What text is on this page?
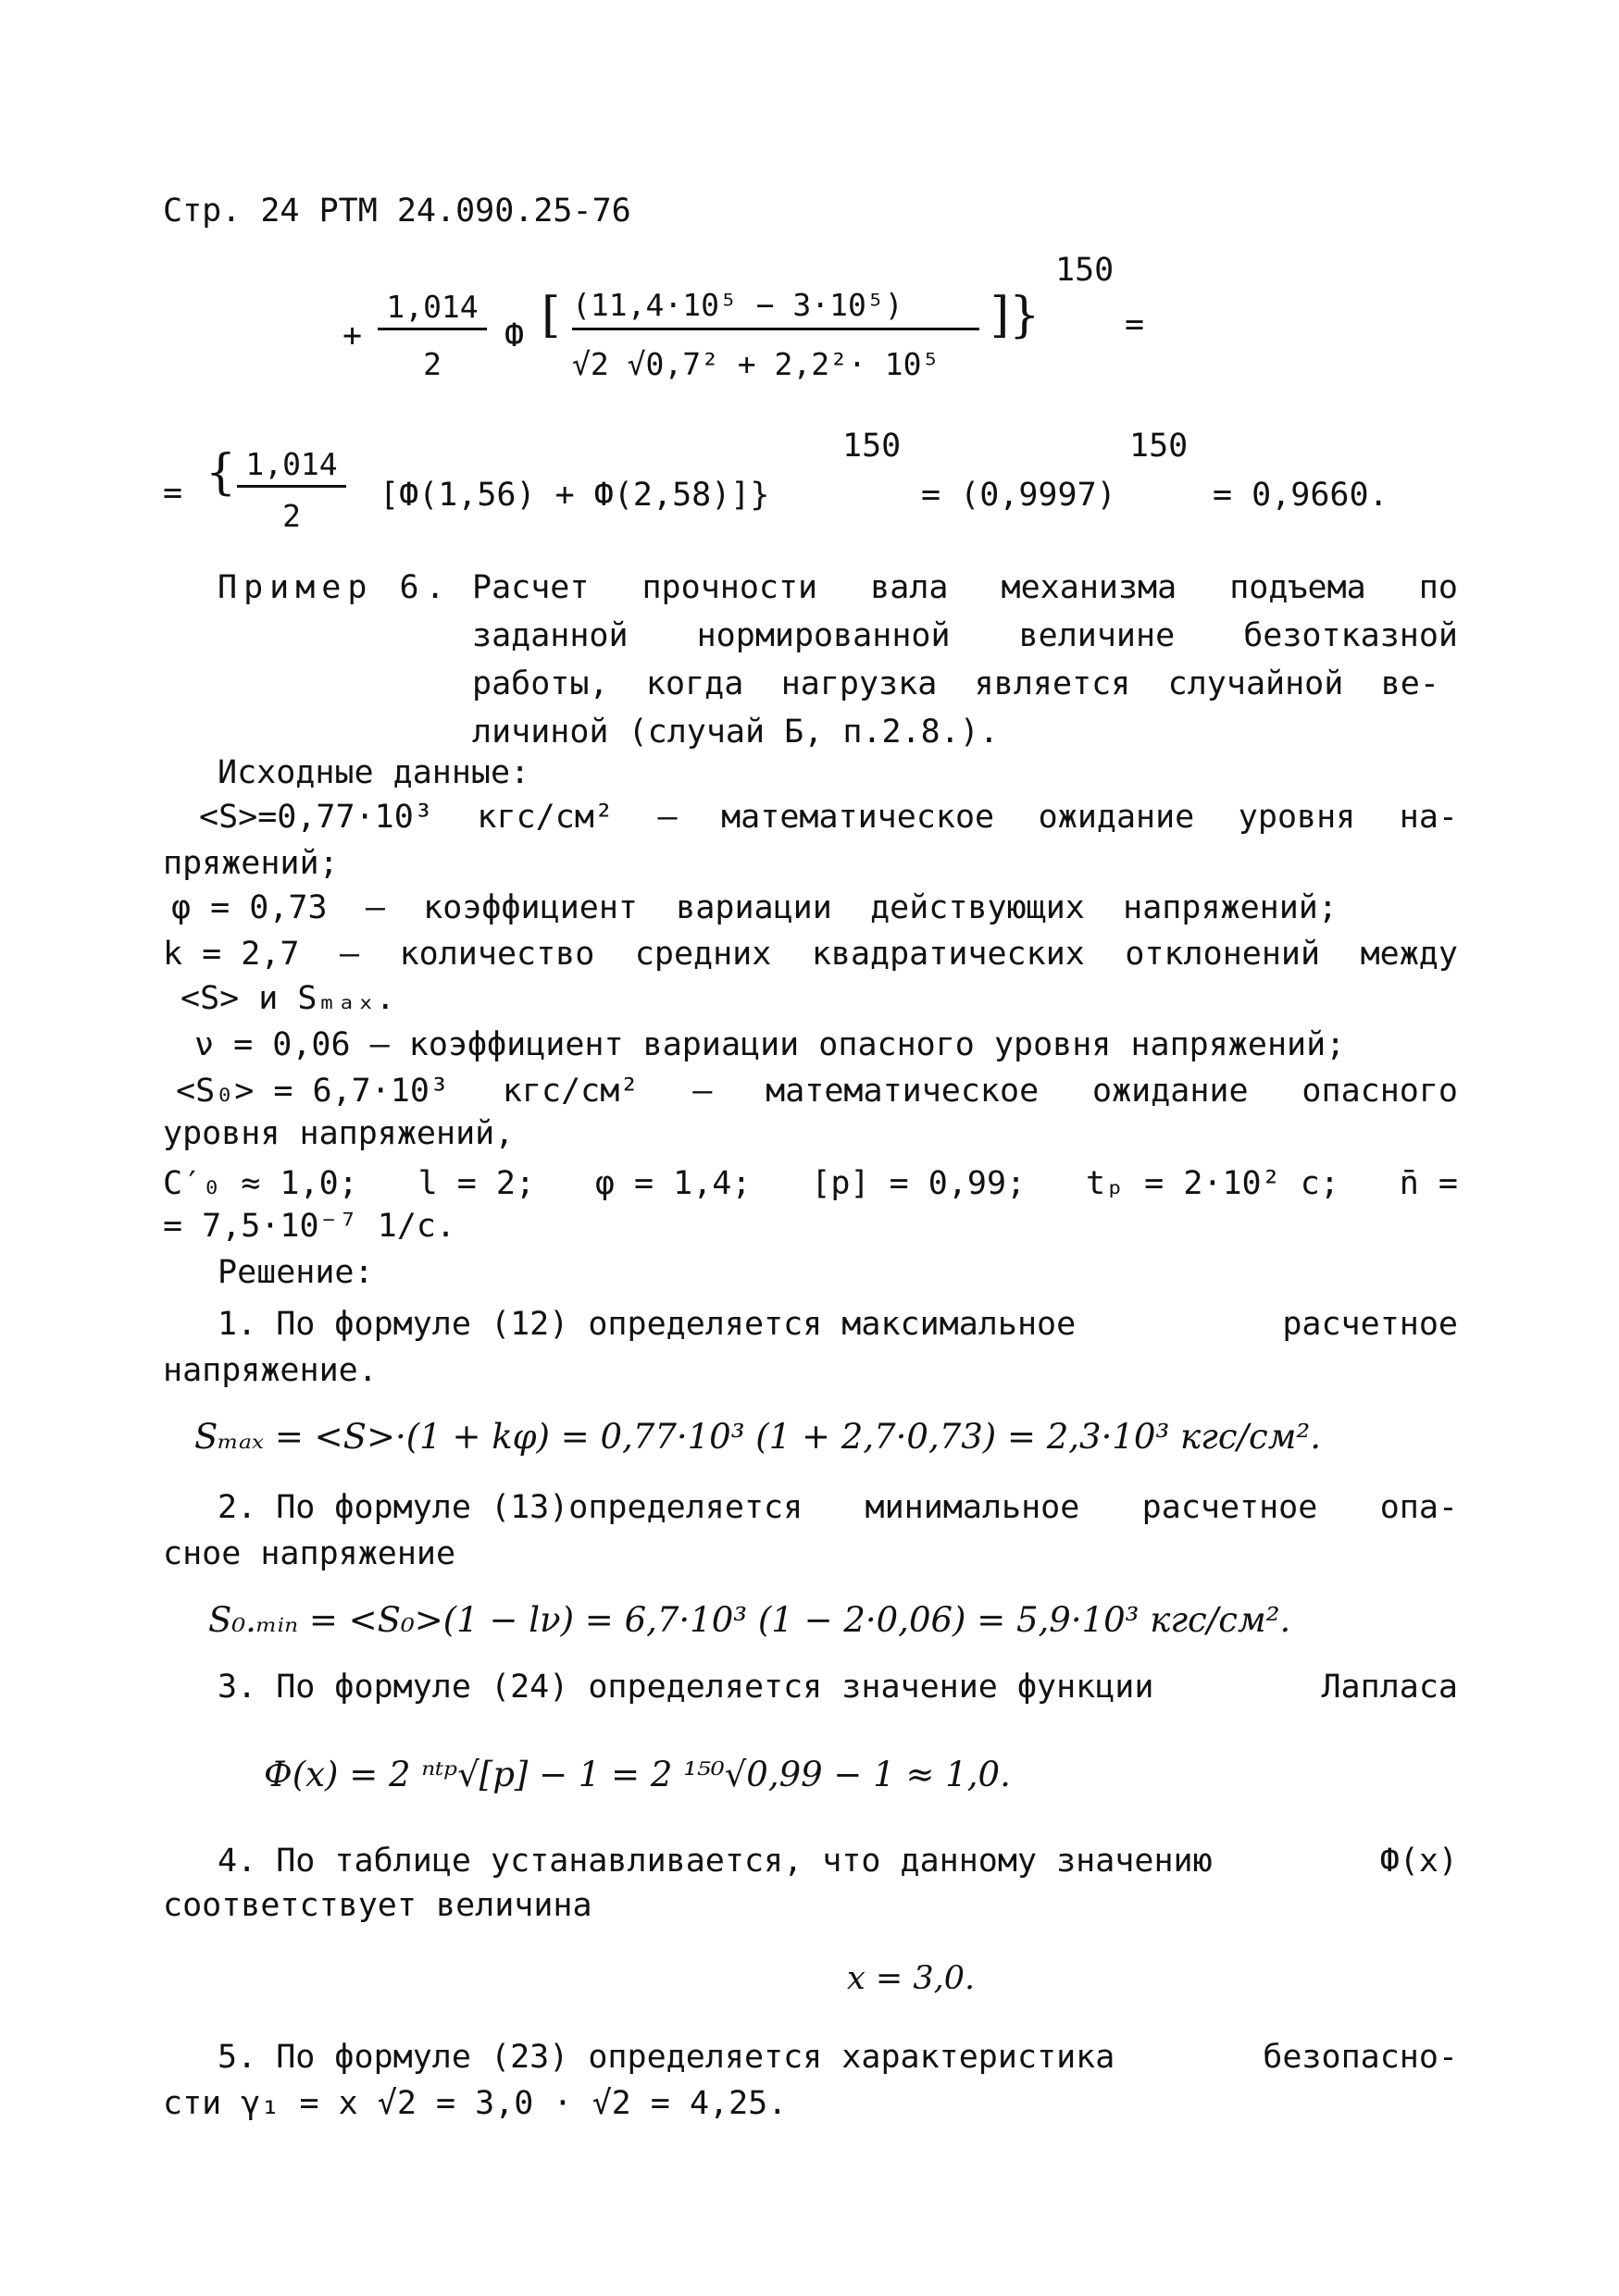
Стр. 24 РТМ 24.090.25-76
+
1,014
2
Ф [ (11,4·10⁵ − 3·10⁵)
√2 √0,7² + 2,2²· 10⁵
]}
150
=
= { 1,014
2
[Ф(1,56) + Ф(2,58)]}
150
= (0,9997)
150
= 0,9660.
Пример 6. Расчет прочности вала механизма подъема по
заданной нормированной величине безотказной
работы, когда нагрузка является случайной ве-
личиной (случай Б, п.2.8.).
Исходные данные:
<S>=0,77·10³ кгс/см² – математическое ожидание уровня на-
пряжений;
φ = 0,73 – коэффициент вариации действующих напряжений;
k = 2,7 – количество средних квадратических отклонений между
<S> и Sₘₐₓ.
ν = 0,06 – коэффициент вариации опасного уровня напряжений;
<S₀> = 6,7·10³ кгс/см² – математическое ожидание опасного
уровня напряжений,
C′₀ ≈ 1,0; l = 2; φ = 1,4; [p] = 0,99; tₚ = 2·10² с; n̄ =
= 7,5·10⁻⁷ 1/с.
Решение:
1. По формуле (12) определяется максимальное	расчетное
напряжение.
Sₘₐₓ = <S>·(1 + kφ) = 0,77·10³ (1 + 2,7·0,73) = 2,3·10³ кгс/см².
2. По формуле (13)определяется минимальное расчетное опа-
сное напряжение
S₀.ₘᵢₙ = <S₀>(1 − lν) = 6,7·10³ (1 − 2·0,06) = 5,9·10³ кгс/см².
3. По формуле (24) определяется значение функции	Лапласа
Ф(x) = 2 ⁿᵗᵖ√[p] − 1 = 2 ¹⁵⁰√0,99 − 1 ≈ 1,0.
4. По таблице устанавливается, что данному значению	Ф(x)
соответствует величина
x = 3,0.
5. По формуле (23) определяется характеристика	безопасно-
сти γ₁ = x √2 = 3,0 · √2 = 4,25.
